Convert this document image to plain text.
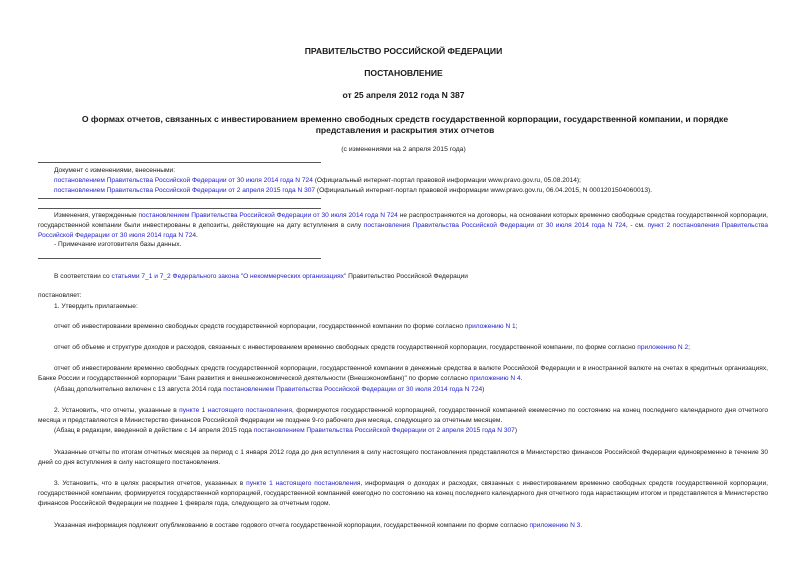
ПРАВИТЕЛЬСТВО РОССИЙСКОЙ ФЕДЕРАЦИИ
ПОСТАНОВЛЕНИЕ
от 25 апреля 2012 года N 387
О формах отчетов, связанных с инвестированием временно свободных средств государственной корпорации, государственной компании, и порядке
представления и раскрытия этих отчетов
(с изменениями на 2 апреля 2015 года)
Документ с изменениями, внесенными:
постановлением Правительства Российской Федерации от 30 июля 2014 года N 724 (Официальный интернет-портал правовой информации www.pravo.gov.ru, 05.08.2014);
постановлением Правительства Российской Федерации от 2 апреля 2015 года N 307 (Официальный интернет-портал правовой информации www.pravo.gov.ru, 06.04.2015, N 0001201504060013).
Изменения, утвержденные постановлением Правительства Российской Федерации от 30 июля 2014 года N 724 не распространяются на договоры, на основании которых временно свободные средства государственной корпорации, государственной компании были инвестированы в депозиты, действующие на дату вступления в силу постановления Правительства Российской Федерации от 30 июля 2014 года N 724, - см. пункт 2 постановления Правительства Российской Федерации от 30 июля 2014 года N 724.
- Примечание изготовителя базы данных.
В соответствии со статьями 7_1 и 7_2 Федерального закона "О некоммерческих организациях" Правительство Российской Федерации
постановляет:
1. Утвердить прилагаемые:
отчет об инвестировании временно свободных средств государственной корпорации, государственной компании по форме согласно приложению N 1;
отчет об объеме и структуре доходов и расходов, связанных с инвестированием временно свободных средств государственной корпорации, государственной компании, по форме согласно приложению N 2;
отчет об инвестировании временно свободных средств государственной корпорации, государственной компании в денежные средства в валюте Российской Федерации и в иностранной валюте на счетах в кредитных организациях, Банке России и государственной корпорации "Банк развития и внешнеэкономической деятельности (Внешэкономбанк)" по форме согласно приложению N 4.
(Абзац дополнительно включен с 13 августа 2014 года постановлением Правительства Российской Федерации от 30 июля 2014 года N 724)
2. Установить, что отчеты, указанные в пункте 1 настоящего постановления, формируются государственной корпорацией, государственной компанией ежемесячно по состоянию на конец последнего календарного дня отчетного месяца и представляются в Министерство финансов Российской Федерации не позднее 9-го рабочего дня месяца, следующего за отчетным месяцем.
(Абзац в редакции, введенной в действие с 14 апреля 2015 года постановлением Правительства Российской Федерации от 2 апреля 2015 года N 307)
Указанные отчеты по итогам отчетных месяцев за период с 1 января 2012 года до дня вступления в силу настоящего постановления представляются в Министерство финансов Российской Федерации единовременно в течение 30 дней со дня вступления в силу настоящего постановления.
3. Установить, что в целях раскрытия отчетов, указанных в пункте 1 настоящего постановления, информация о доходах и расходах, связанных с инвестированием временно свободных средств государственной корпорации, государственной компании, формируется государственной корпорацией, государственной компанией ежегодно по состоянию на конец последнего календарного дня отчетного года нарастающим итогом и представляется в Министерство финансов Российской Федерации не позднее 1 февраля года, следующего за отчетным годом.
Указанная информация подлежит опубликованию в составе годового отчета государственной корпорации, государственной компании по форме согласно приложению N 3.
